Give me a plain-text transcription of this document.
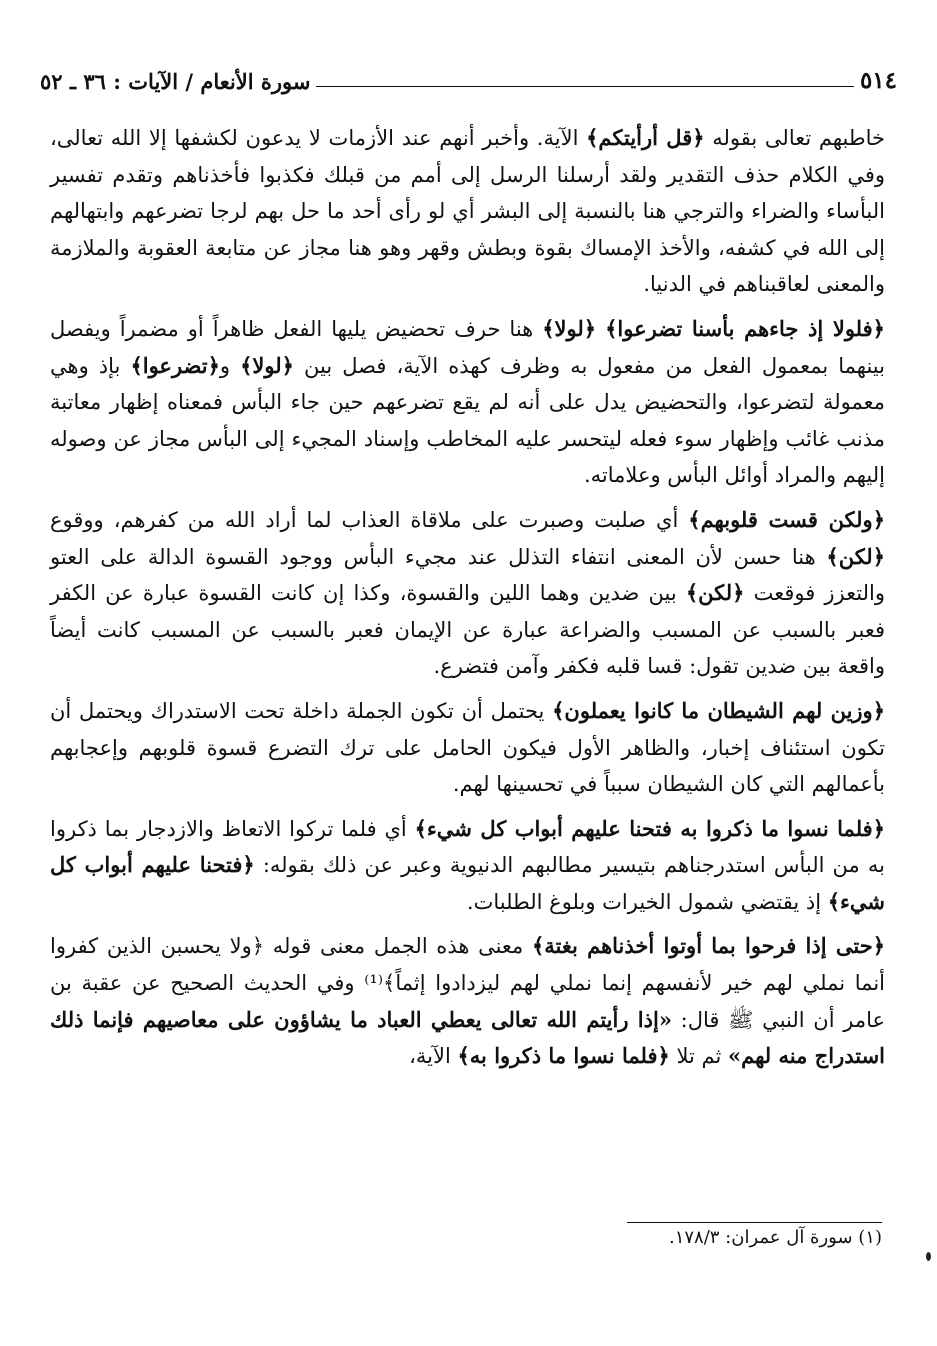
٥١٤
سورة الأنعام / الآيات : ٣٦ ـ ٥٢

خاطبهم تعالى بقوله ﴿قل أرأيتكم﴾ الآية. وأخبر أنهم عند الأزمات لا يدعون لكشفها إلا الله تعالى، وفي الكلام حذف التقدير ولقد أرسلنا الرسل إلى أمم من قبلك فكذبوا فأخذناهم وتقدم تفسير البأساء والضراء والترجي هنا بالنسبة إلى البشر أي لو رأى أحد ما حل بهم لرجا تضرعهم وابتهالهم إلى الله في كشفه، والأخذ الإمساك بقوة وبطش وقهر وهو هنا مجاز عن متابعة العقوبة والملازمة والمعنى لعاقبناهم في الدنيا.

﴿فلولا إذ جاءهم بأسنا تضرعوا﴾ ﴿لولا﴾ هنا حرف تحضيض يليها الفعل ظاهراً أو مضمراً ويفصل بينهما بمعمول الفعل من مفعول به وظرف كهذه الآية، فصل بين ﴿لولا﴾ و﴿تضرعوا﴾ بإذ وهي معمولة لتضرعوا، والتحضيض يدل على أنه لم يقع تضرعهم حين جاء البأس فمعناه إظهار معاتبة مذنب غائب وإظهار سوء فعله ليتحسر عليه المخاطب وإسناد المجيء إلى البأس مجاز عن وصوله إليهم والمراد أوائل البأس وعلاماته.

﴿ولكن قست قلوبهم﴾ أي صلبت وصبرت على ملاقاة العذاب لما أراد الله من كفرهم، ووقوع ﴿لكن﴾ هنا حسن لأن المعنى انتفاء التذلل عند مجيء البأس ووجود القسوة الدالة على العتو والتعزز فوقعت ﴿لكن﴾ بين ضدين وهما اللين والقسوة، وكذا إن كانت القسوة عبارة عن الكفر فعبر بالسبب عن المسبب والضراعة عبارة عن الإيمان فعبر بالسبب عن المسبب كانت أيضاً واقعة بين ضدين تقول: قسا قلبه فكفر وآمن فتضرع.

﴿وزين لهم الشيطان ما كانوا يعملون﴾ يحتمل أن تكون الجملة داخلة تحت الاستدراك ويحتمل أن تكون استئناف إخبار، والظاهر الأول فيكون الحامل على ترك التضرع قسوة قلوبهم وإعجابهم بأعمالهم التي كان الشيطان سبباً في تحسينها لهم.

﴿فلما نسوا ما ذكروا به فتحنا عليهم أبواب كل شيء﴾ أي فلما تركوا الاتعاظ والازدجار بما ذكروا به من البأس استدرجناهم بتيسير مطالبهم الدنيوية وعبر عن ذلك بقوله: ﴿فتحنا عليهم أبواب كل شيء﴾ إذ يقتضي شمول الخيرات وبلوغ الطلبات.

﴿حتى إذا فرحوا بما أوتوا أخذناهم بغتة﴾ معنى هذه الجمل معنى قوله ﴿ولا يحسبن الذين كفروا أنما نملي لهم خير لأنفسهم إنما نملي لهم ليزدادوا إثماً﴾⁽¹⁾ وفي الحديث الصحيح عن عقبة بن عامر أن النبي ﷺ قال: «إذا رأيتم الله تعالى يعطي العباد ما يشاؤون على معاصيهم فإنما ذلك استدراج منه لهم» ثم تلا ﴿فلما نسوا ما ذكروا به﴾ الآية،

(١) سورة آل عمران: ١٧٨/٣.
